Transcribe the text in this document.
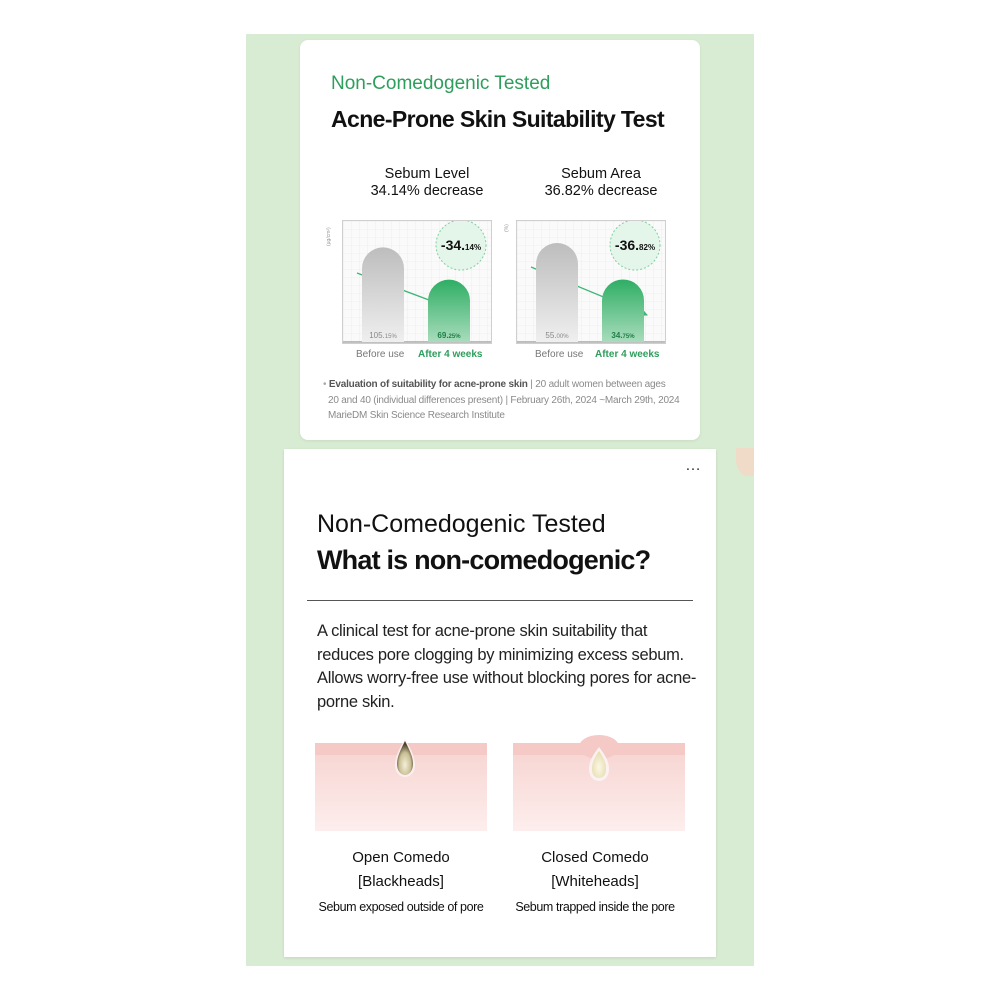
Non-Comedogenic Tested
Acne-Prone Skin Suitability Test
Sebum Level
34.14% decrease
(μg/cm²)	-34.14%
105.15%	69.25%
Before use After 4 weeks
Sebum Area
36.82% decrease
(%)
-36.82%
55.00%	34.75%
Before use After 4 weeks
• Evaluation of suitability for acne-prone skin | 20 adult women between ages
20 and 40 (individual differences present) | February 26th, 2024 ~March 29th, 2024
MarieDM Skin Science Research Institute
…
Non-Comedogenic Tested
What is non-comedogenic?
A clinical test for acne-prone skin suitability that reduces pore clogging by minimizing excess sebum. Allows worry-free use without blocking pores for acne-porne skin.
Open Comedo
[Blackheads]
Sebum exposed outside of pore
Closed Comedo
[Whiteheads]
Sebum trapped inside the pore
